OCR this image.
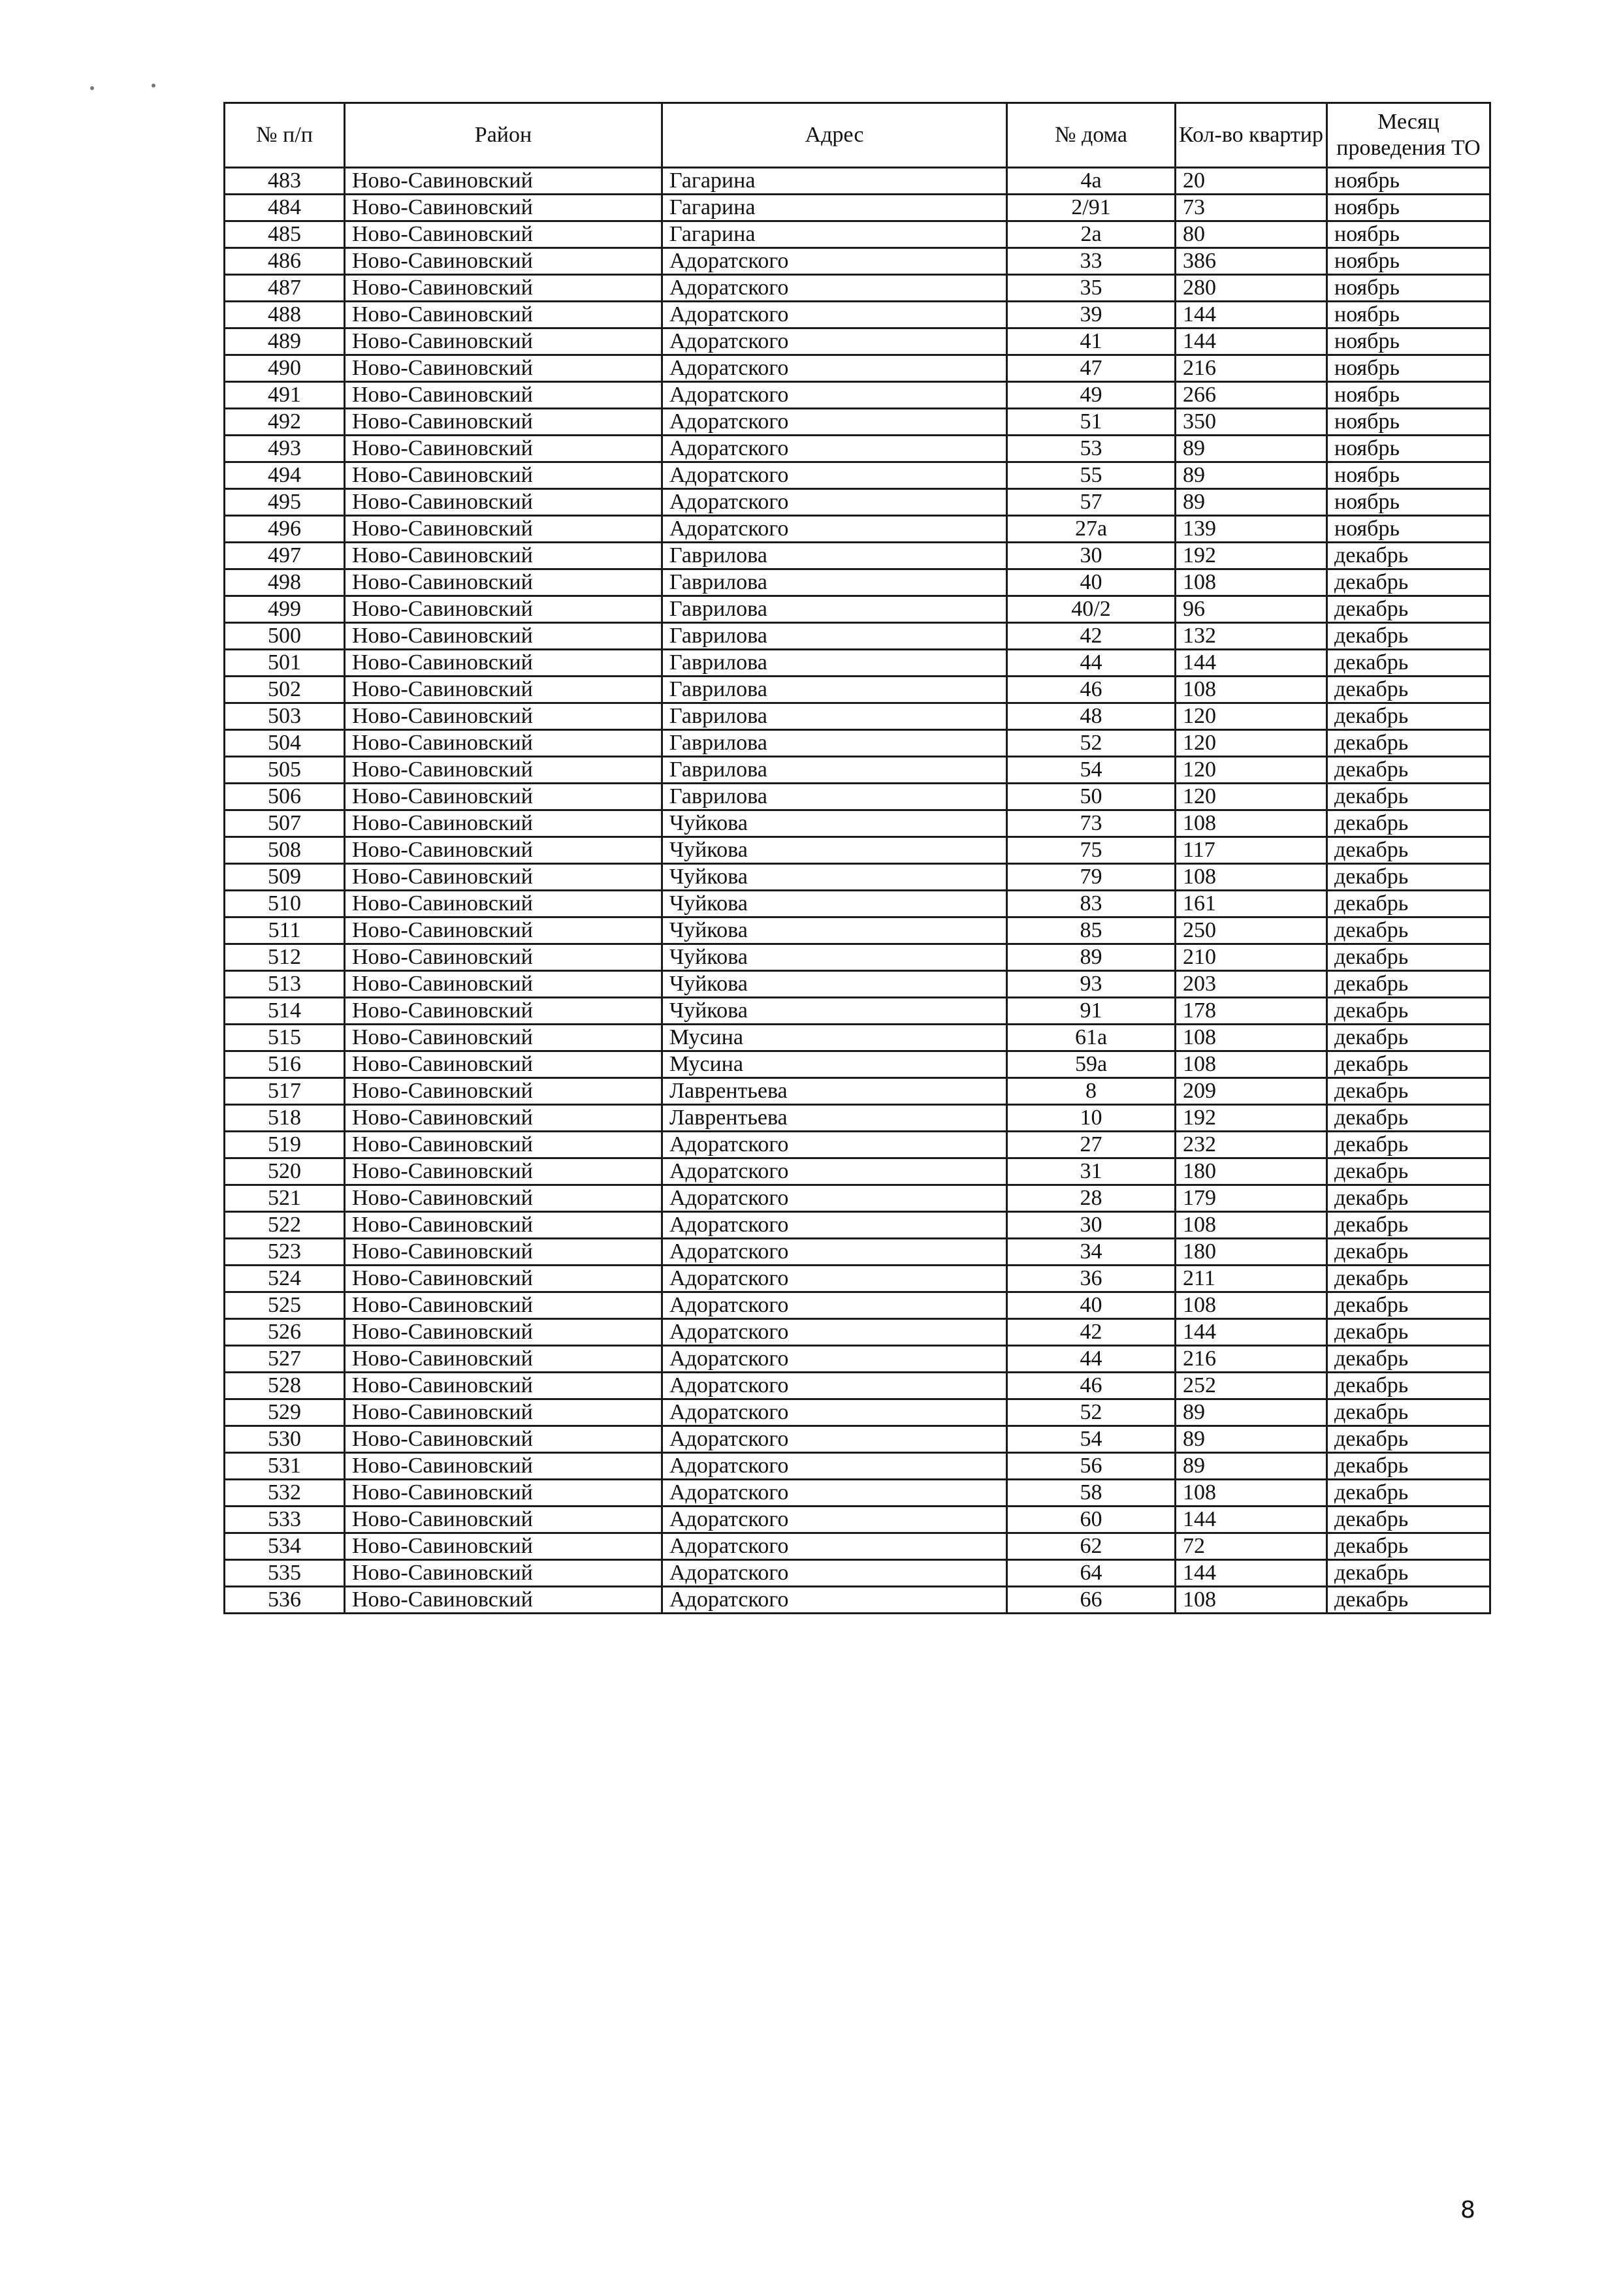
№ п/п	Район	Адрес	№ дома	Кол-во квартир	Месяц проведения ТО
483	Ново-Савиновский	Гагарина	4а	20	ноябрь
484	Ново-Савиновский	Гагарина	2/91	73	ноябрь
485	Ново-Савиновский	Гагарина	2а	80	ноябрь
486	Ново-Савиновский	Адоратского	33	386	ноябрь
487	Ново-Савиновский	Адоратского	35	280	ноябрь
488	Ново-Савиновский	Адоратского	39	144	ноябрь
489	Ново-Савиновский	Адоратского	41	144	ноябрь
490	Ново-Савиновский	Адоратского	47	216	ноябрь
491	Ново-Савиновский	Адоратского	49	266	ноябрь
492	Ново-Савиновский	Адоратского	51	350	ноябрь
493	Ново-Савиновский	Адоратского	53	89	ноябрь
494	Ново-Савиновский	Адоратского	55	89	ноябрь
495	Ново-Савиновский	Адоратского	57	89	ноябрь
496	Ново-Савиновский	Адоратского	27а	139	ноябрь
497	Ново-Савиновский	Гаврилова	30	192	декабрь
498	Ново-Савиновский	Гаврилова	40	108	декабрь
499	Ново-Савиновский	Гаврилова	40/2	96	декабрь
500	Ново-Савиновский	Гаврилова	42	132	декабрь
501	Ново-Савиновский	Гаврилова	44	144	декабрь
502	Ново-Савиновский	Гаврилова	46	108	декабрь
503	Ново-Савиновский	Гаврилова	48	120	декабрь
504	Ново-Савиновский	Гаврилова	52	120	декабрь
505	Ново-Савиновский	Гаврилова	54	120	декабрь
506	Ново-Савиновский	Гаврилова	50	120	декабрь
507	Ново-Савиновский	Чуйкова	73	108	декабрь
508	Ново-Савиновский	Чуйкова	75	117	декабрь
509	Ново-Савиновский	Чуйкова	79	108	декабрь
510	Ново-Савиновский	Чуйкова	83	161	декабрь
511	Ново-Савиновский	Чуйкова	85	250	декабрь
512	Ново-Савиновский	Чуйкова	89	210	декабрь
513	Ново-Савиновский	Чуйкова	93	203	декабрь
514	Ново-Савиновский	Чуйкова	91	178	декабрь
515	Ново-Савиновский	Мусина	61а	108	декабрь
516	Ново-Савиновский	Мусина	59а	108	декабрь
517	Ново-Савиновский	Лаврентьева	8	209	декабрь
518	Ново-Савиновский	Лаврентьева	10	192	декабрь
519	Ново-Савиновский	Адоратского	27	232	декабрь
520	Ново-Савиновский	Адоратского	31	180	декабрь
521	Ново-Савиновский	Адоратского	28	179	декабрь
522	Ново-Савиновский	Адоратского	30	108	декабрь
523	Ново-Савиновский	Адоратского	34	180	декабрь
524	Ново-Савиновский	Адоратского	36	211	декабрь
525	Ново-Савиновский	Адоратского	40	108	декабрь
526	Ново-Савиновский	Адоратского	42	144	декабрь
527	Ново-Савиновский	Адоратского	44	216	декабрь
528	Ново-Савиновский	Адоратского	46	252	декабрь
529	Ново-Савиновский	Адоратского	52	89	декабрь
530	Ново-Савиновский	Адоратского	54	89	декабрь
531	Ново-Савиновский	Адоратского	56	89	декабрь
532	Ново-Савиновский	Адоратского	58	108	декабрь
533	Ново-Савиновский	Адоратского	60	144	декабрь
534	Ново-Савиновский	Адоратского	62	72	декабрь
535	Ново-Савиновский	Адоратского	64	144	декабрь
536	Ново-Савиновский	Адоратского	66	108	декабрь
8
